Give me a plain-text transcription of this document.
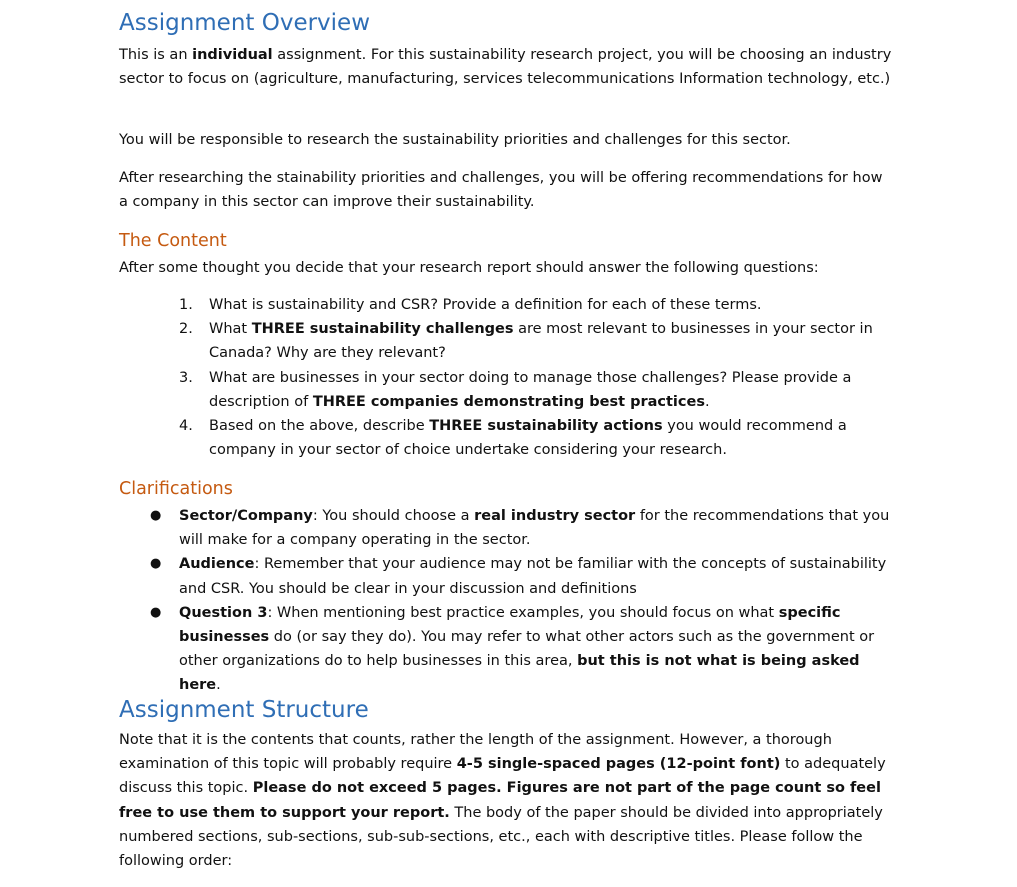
Assignment Overview

This is an individual assignment. For this sustainability research project, you will be choosing an industry sector to focus on (agriculture, manufacturing, services telecommunications Information technology, etc.)

You will be responsible to research the sustainability priorities and challenges for this sector.

After researching the stainability priorities and challenges, you will be offering recommendations for how a company in this sector can improve their sustainability.

The Content

After some thought you decide that your research report should answer the following questions:

1. What is sustainability and CSR? Provide a definition for each of these terms.
2. What THREE sustainability challenges are most relevant to businesses in your sector in Canada? Why are they relevant?
3. What are businesses in your sector doing to manage those challenges? Please provide a description of THREE companies demonstrating best practices.
4. Based on the above, describe THREE sustainability actions you would recommend a company in your sector of choice undertake considering your research.
Clarifications
● Sector/Company: You should choose a real industry sector for the recommendations that you will make for a company operating in the sector.
● Audience: Remember that your audience may not be familiar with the concepts of sustainability and CSR. You should be clear in your discussion and definitions
● Question 3: When mentioning best practice examples, you should focus on what specific businesses do (or say they do). You may refer to what other actors such as the government or other organizations do to help businesses in this area, but this is not what is being asked here.
Assignment Structure

Note that it is the contents that counts, rather the length of the assignment. However, a thorough examination of this topic will probably require 4-5 single-spaced pages (12-point font) to adequately discuss this topic. Please do not exceed 5 pages. Figures are not part of the page count so feel free to use them to support your report. The body of the paper should be divided into appropriately numbered sections, sub-sections, sub-sub-sections, etc., each with descriptive titles. Please follow the following order:
